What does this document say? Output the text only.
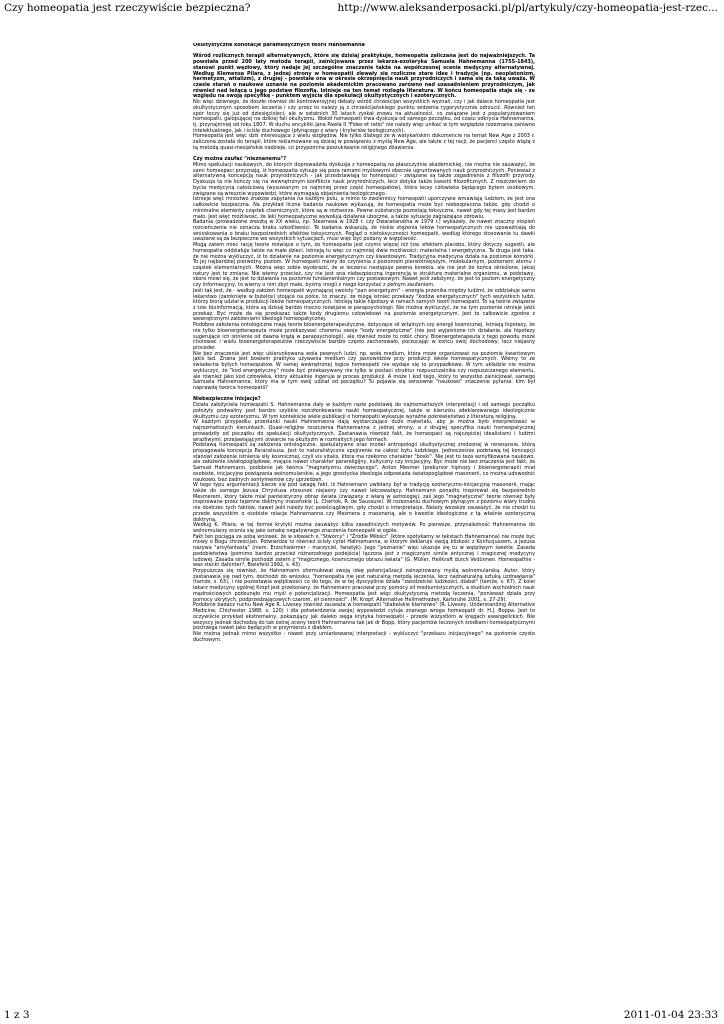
Czy homeopatia jest rzeczywiście bezpieczna?	http://www.aleksanderposacki.pl/pl/artykuly/czy-homeopatia-jest-rzec...

Okultystyczne konotacje paramedycznych teorii Hahnemanna

Wśród rozlicznych terapii alternatywnych, które się dzisiaj praktykuje, homeopatia zaliczana jest do najważniejszych. Ta powstała przed 200 laty metoda terapii, zainicjowana przez lekarza-ezoteryka Samuela Hahnemanna (1755-1843), stanowi punkt węzłowy, który nadaje jej szczególne znaczenie także na współczesnej scenie medycyny alternatywnej. Według Klemensa Pilara, z jednej strony w homeopatii zlewały się rozliczne stare idee i tradycje (np. neoplatonizm, hermetyzm, witalizm), z drugiej - powstała ona w okresie okrzepnięcia nauk przyrodniczych i sama się za taką uważa. W czasie starań o naukowe uznanie na poziomie akademickim pracowano zarówno nad uzasadnieniem przyrodniczym, jak również nad leżącą u jego podstaw filozofią. Istnieje na ten temat rozległa literatura. W końcu homeopatia staje się - ze względu na swoją specyfikę - punktem wyjścia dla spekulacji okultystycznych i ezoterycznych.

Nic więc dziwnego, że doszło również do kontrowersyjnej debaty wśród chrześcijan wszystkich wyznań, czy i jak dalece homeopatia jest okultystycznym sposobem leczenia i czy przez to należy ją z chrześcijańskiego punktu widzenia rygorystycznie odrzucić. Również ten spór toczy się już od dziesięcioleci, ale w ostatnich 30 latach zyskał znowu na aktualności, co związane jest z popularyzowaniem homeopatii, galopującej na dzikiej fali okultyzmu. Wokół homeopatii trwa dyskusja od samego początku, od czasu odkrycia Hahnemanna, tj. przynajmniej od roku 1807. W duchu encykliki Jana Pawła II "Fides et ratio" nie należy więc unikać w tym względzie rozeznania zarówno intelektualnego, jak i ściśle duchowego (płynącego z wiary i kryteriów teologicznych).

Homeopatia jest więc dziś interesująca z wielu względów. Nie tylko dlatego że w watykańskim dokumencie na temat New Age z 2003 r. zaliczona została do terapii, które reklamowane są dzisiaj w powiązaniu z myślą New Age, ale także z tej racji, że pacjenci często wiążą z tą metodą quasi-mesjańskie nadzieje, co przypomina poszukiwanie religijnego zbawienia.

Czy można zaufać "nieznanemu"?

Mimo spekulacji naukowych, do których doprowadziła dyskusja z homeopatią na płaszczyźnie akademickiej, nie można nie zauważyć, że sami homeopaci przyznają, iż homeopatia sytuuje się poza ramami myślowymi obecnie ugruntowanych nauk przyrodniczych. Ponieważ z alternatywną koncepcją nauk przyrodniczych - jak przedstawiają to homeopaci - związane są także zagadnienia z filozofii przyrody. Dyskusja ta nie kończy się na wewnętrznym konflikcie nauk przyrodniczych, lecz dotyka także kwestii filozoficznych. Z roszczeniem do bycia medycyną całościową (wysuwanym co najmniej przez część homeopatów), która leczy człowieka będącego bytem osobowym, związane są wreszcie wypowiedzi, które wymagają objaśnienia teologicznego.

Istnieje więc mnóstwo znaków zapytania na każdym polu, a mimo to zwolennicy homeopatii uporczywie wmawiają ludziom, że jest ona całkowicie bezpieczna. Na przykład liczne badania naukowe wykazują, że homeopatia może być niebezpieczna także, gdy chodzi o minimalne elementy cząstek chemicznych, które są w roztworze. Pewne substancje pozostają toksyczne, nawet gdy tej masy jest bardzo mało. Jest więc możliwość, że leki homeopatyczne wywołują działanie uboczne, a także sytuacje zagrażające zdrowiu.

Badania (prowadzone zresztą w XX wieku, np. Stearnesa w 1928 r. czy Dwarakanatha w 1979 r.) wykazały, że nawet znaczny stopień rozcieńczenia nie oznacza braku szkodliwości. Te badania wskazują, że niskie stężenia leków homeopatycznych nie upoważniają do wnioskowania o braku bezpośrednich efektów toksycznych. Pogląd o nietoksyczności homeopatii, według którego stosowanie tu dawki uważane są za bezpieczne we wszystkich sytuacjach, musi więc być podany w wątpliwość.

Mogą zatem mieć rację teorie mówiące o tym, że homeopatia jest czymś więcej niż tzw. efektem placebo, który dotyczy sugestii, ale homeopatia oddziałuje także na małe dzieci. Istnieją tu więc co najmniej dwie możliwości: materialna i energetyczna. Ta druga jest taka, że nie można wykluczyć, iż to działanie na poziomie energetycznym czy kwantowym. Tradycyjna medycyna działa na poziomie komórki. To jej najbardziej pierwotny poziom. W homeopatii mamy do czynienia z poziomem pierwotniejszym, molekularnym, poziomem atomu i cząstek elementarnych. Można więc sobie wyobrazić, że w leczeniu następuje pewna korekta, ale nie jest do końca określone, jakiej natury jest to zmiana. Nie wiemy przecież, czy nie jest ona niebezpieczną ingerencją w strukturę materialne organizmu, w podstawy, skoro mówi się, że jest to działanie na poziomie fundamentalnym czy postawowym. Nawet jeśli założymy, że jest to poziom energetyczny czy informacyjny, to wiemy o nim zbyt mało, byśmy mogli z niego korzystać z pełnym zaufaniem.

Jeśli tak jest, że - według założeń homeopatii wyznającej swoisty "pan energetyzm" - energia przenika między ludźmi, że oddziałuje samo lekarstwo (zamknięte w butelce) stojące na półce, to znaczy, że mogą istnieć przekazy "kodów energetycznych" tych wszystkich ludzi, którzy biorą udział w produkcji leków homeopatycznych. Istnieją takie hipotezy w ramach samych teorii homeopatii. To są teorie związane z tzw. bioinformacją, która są dzisiaj bardzo mocno rozwijane w parapsychologii. Nie można wykluczyć, że na tym poziomie istnieje jakiś przekaz. Być może da się przekazać także kody drugiemu człowiekowi na poziomie energetycznym. Jest to całkowicie zgodne z wewnętrznymi założeniami ideologii homeopatycznej.

Podobne założenia ontologiczne mają teorie bioenergoterapeutyczne, dotyczące sił witalnych czy energii kosmicznej. Istnieją hipotezy, że nie tylko bioenergoterapeuta może przekazywać choremu swoje "kody energetyczne" (nie jest wyjaśnione ich działanie, ale hipotezy sugerujące ich istnienie od dawna krążą w parapsychologii), ale również może to robić chory. Bioenergoterapeuta z tego powodu może chorować i wielu bioenergoterapeutów rzeczywiście bardzo często zachorowało, porzucając w końcu swój dochodowy, lecz niejasny proceder.

Nie bez znaczenia jest więc ukierunkowana wola pewnych ludzi, np. woła medium, która może organizować na poziomie kwantowym jakiś ład. Znana jest bowiem praktyka używania medium czy jasnowidzów przy produkcji leków homeopatycznych. Wiemy to ze świadectw byłych homeopatów. W samej wewnętrznej logice homeopatii nie wydaje się to przypadkowe. W tym układzie nie można wykluczyć, że "kod energetyczny" może być przekazywany nie tylko w postaci struktur rozpuszczalnika czy rozpuszczanego elementu, ale również jako kod człowieka, który aktualnie ingeruje w proces produkcji. A może i kod tego, który to wszystko zainicjował, samego Samuela Hahnemanna, który ma w tym swój udział od początku? Tu pojawia się sensowne "naukowo" znaczenie pytania: kim był naprawdę twórca homeopatii?

Niebezpieczne inicjacje?

Działa założyciela homeopatii S. Hahnemanna dały w każdym razie podstawę do najrozmaitszych interpretacji i od samego początku położyły podwaliny pod bardzo szybkie rozczłonkowanie nauki homeopatycznej, także w kierunku zdeklarowanego ideologicznie okultyzmu czy ezoteryzmu. W tym kontekście wiele publikacji o homeopatii wykazuje wyraźne pokrewieństwo z literaturą religijną.

W każdym przypadku przesłanki nauki Hahnemanna dają wystarczająco dużo materiału, aby je można było interpretować w najrozmaitszych kierunkach. Quasi-religijne roszczenia Hahnemanna z jednej strony, a z drugiej specyfika nauki homeopatycznej prowadziły od początku do spekulacji okultystycznych. Zastanawia również fakt, że homeopaci są najczęściej idealistami i ludźmi wrażliwymi, przejawiającymi otwarcie na okultyzm w rozmaitych jego formach.

Podstawą homeopatii są założenia ontologiczne, spekulatywne oraz model antropologii okultystycznej zrodzonej w renesansie, którą propagowała koncepcja Paracelsusa. Jest to naturalistyczne spojrzenie na całość bytu ludzkiego. Jednocześnie podstawą tej koncepcji stanowi założenie istnienia siły kosmicznej, czyli vis vitalis, która ma rzekomo charakter "boski". Nie jest to teza wznyfikowana naukowo, ale założenie światopoglądowe, mające nawet charakter parareligijny, kultyczny czy inicjacyjny. Być może nie bez znaczenia jest fakt, że Samuel Hahnemann, podobnie jak twórca "magnetyzmu zwierzęcego", Anton Mesmer (prekursor hipnozy i bioenergoterapii) miał osobiste, inicjacyjne powiązania wolnomularskie, a jego gnostycka ideologia odpowiada światopoglądowi masonerii, co można udowodnić naukowo, bez żadnych sentymentów czy uprzedzeń.

W tego typu argumentacji bierze się pod uwagę fakt, iż Hahnemann uwikłany był w tradycję ezoteryczno-inicjacyjną masonerii, mając także do samego Jezusa Chrystusa stosunek niejasny czy nawet lekceważący. Hahnemann ponadto inspirował się bezpośrednio Mesmerem, który także miał panteistyczny obraz świata (związany z wiarą w astrologię), zaś jego "magnetyczne" teorie również były inspirowane przez tajemne doktryny masońskie (L. Chertok, R. de Saussure). W rozeznaniu duchowym płynącym z poziomu wiary trudno nie dostrzec tych faktów, nawet jeśli należy być powściągliwym, gdy chodzi o interpretacje. Należy wszakże zauważyć, że nie chodzi tu przede wszystkim o osobiste relacje Hahnemanna czy Mesmera z masonerią, ale o kwestie ideologiczne z tą właśnie ezoteryczną doktryną.

Według K. Pilara, w tej formie krytyki można zauważyć kilka zasadniczych motywów. Po pierwsze, przynależność Hahnemanna do wolnomularzy ocenia się jako oznakę negatywnego znaczenia homeopatii w ogóle.

Fakt ten pociąga za sobą wniosek, że w słowach o "Stwórcy" i "Źródle Miłości" (które spotykamy w tekstach Hahnemanna) nie może być mowy o Bogu chrześcijan. Potwierdza to również ścisły cytat Hahnemanna, w którym deklaruje swoją bliskość z Konfucjuszem, a Jezusa nazywa "arcyfantastą" (niem. Erzschwärmer - marzyciel, fanatyk). Jego "poznanie" więc ukazuje się tu w wątpliwym świetle. Zasada podobieństwa (pomimo bardzo przecież różnorodnego podejścia) łączona jest z magicznym simile antycznej i magicznej medycyny ludowej. Zasada simile pochodzi zatem z "magicznego, kosmicznego obrazu świata" (G. Müller, Heilkraft durch Vedünnen. Homeopathie - was steckt dahinter?, Bielefeld 1992, s. 43).

Przypuszcza się również, że Hahnemann sformułował swoją ideę potencjalizacji zainspirowany myślą wolnomularską. Autor, który zastanawia się nad tym, dochodzi do wniosku: "homeopatia nie jest naturalną metodą leczenia, lecz nadnaturalną sztuką uzdrawiania" (tamże, s. 63), i nie pozostawia wątpliwości co do tego, że w tej dyscyplinie działa "zwodzeiciel ludzkości, diabeł" (tamże, s. 67). Z kolei lekarz medycyny ogólnej Kropf jest przekonany, że Hahnemann pracował przy pomocy sił mediumistycznych, a studium wschodnich nauk mądrościowych podsunęło mu myśl o potencjalizacji. Homeopatia jest więc okultystyczną metodą leczenia, "ponieważ działa przy pomocy ukrytych, podprzedzającowych czarom, sił ciemności". (M. Kropf, Alternative Heilmethoden, Karlsruhe 2001, s. 27-29).

Podobnie badacz ruchu New Age R. Livesey również zauważa w homeopatii "diabelskie kłamstwo" (R. Livesey, Understanding Alternative Medicine, Chichester 1988, s. 120) i dla potwierdzenia swojej wypowiedzi cytuje znanego wroga homeopatii dr. H.J. Boppa. Jest to oczywiście przykład ekstremalny, pokazujący jak daleko sięga krytyka homeopatii - przede wszystkim w kręgach ewangelickich. Nie wszyscy jednak dochodzą do tak ostrej oceny teorii Hahnemanna tak jak dr Bopp, który pacjentów leczonych środkami homeopatycznymi postrzega nawet jako będących w przymierzu z diabłem.

Nie można jednak mimo wszystko - nawet przy umiarkowanej interpretacji - wykluczyć "przekazu inicjacyjnego" na poziomie czysto duchowym.

1 z 3	2011-01-04 23:33
